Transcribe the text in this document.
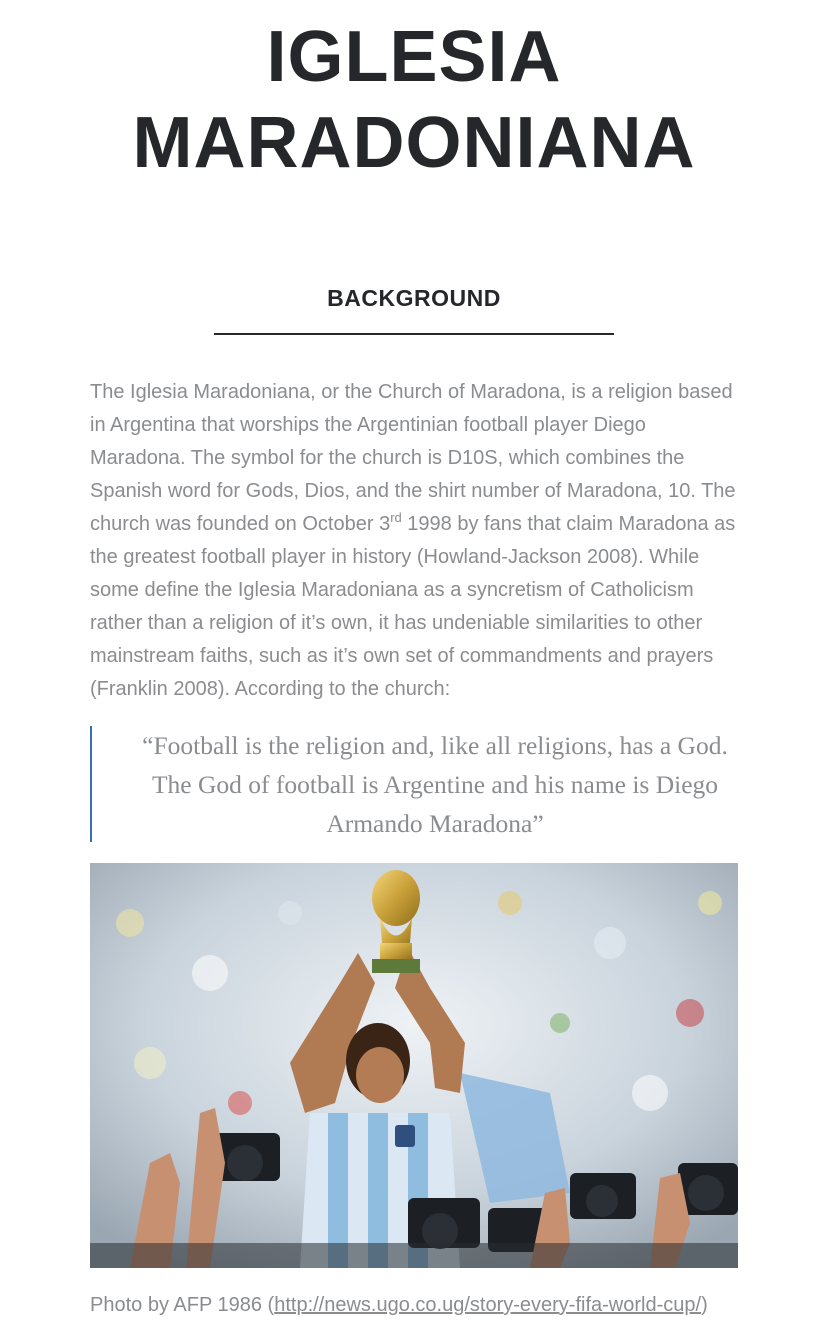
IGLESIA
MARADONIANA
BACKGROUND

The Iglesia Maradoniana, or the Church of Maradona, is a religion based in Argentina that worships the Argentinian football player Diego Maradona. The symbol for the church is D10S, which combines the Spanish word for Gods, Dios, and the shirt number of Maradona, 10. The church was founded on October 3rd 1998 by fans that claim Maradona as the greatest football player in history (Howland-Jackson 2008). While some define the Iglesia Maradoniana as a syncretism of Catholicism rather than a religion of it’s own, it has undeniable similarities to other mainstream faiths, such as it’s own set of commandments and prayers (Franklin 2008). According to the church:

“Football is the religion and, like all religions, has a God. The God of football is Argentine and his name is Diego Armando Maradona”

Photo by AFP 1986 (http://news.ugo.co.ug/story-every-fifa-world-cup/)
